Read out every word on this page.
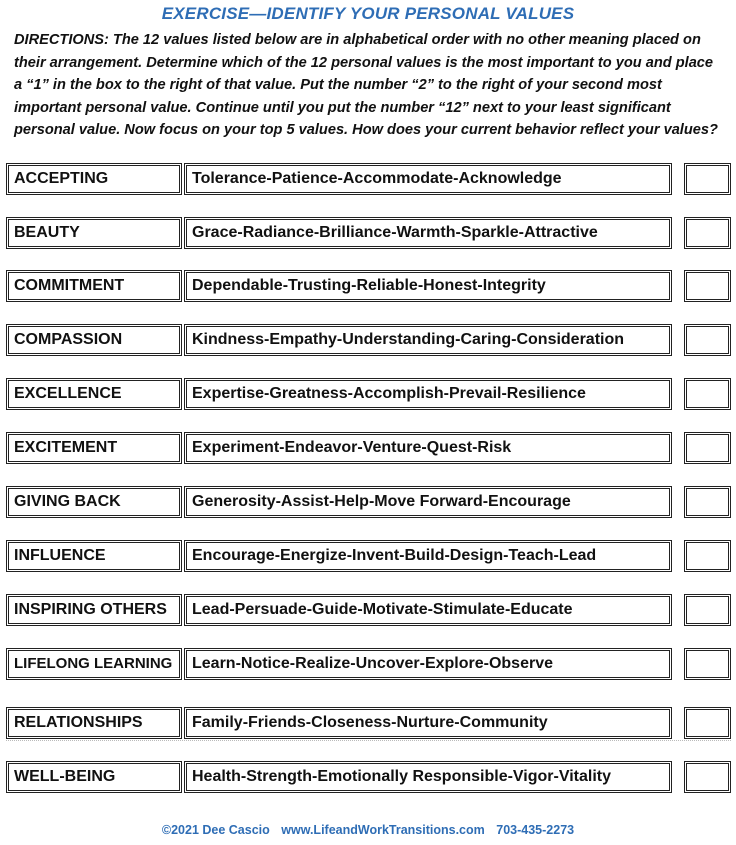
EXERCISE—IDENTIFY YOUR PERSONAL VALUES
DIRECTIONS: The 12 values listed below are in alphabetical order with no other meaning placed on their arrangement. Determine which of the 12 personal values is the most important to you and place a “1” in the box to the right of that value. Put the number “2” to the right of your second most important personal value. Continue until you put the number “12” next to your least significant personal value. Now focus on your top 5 values. How does your current behavior reflect your values?
ACCEPTING	Tolerance-Patience-Accommodate-Acknowledge
BEAUTY	Grace-Radiance-Brilliance-Warmth-Sparkle-Attractive
COMMITMENT	Dependable-Trusting-Reliable-Honest-Integrity
COMPASSION	Kindness-Empathy-Understanding-Caring-Consideration
EXCELLENCE	Expertise-Greatness-Accomplish-Prevail-Resilience
EXCITEMENT	Experiment-Endeavor-Venture-Quest-Risk
GIVING BACK	Generosity-Assist-Help-Move Forward-Encourage
INFLUENCE	Encourage-Energize-Invent-Build-Design-Teach-Lead
INSPIRING OTHERS Lead-Persuade-Guide-Motivate-Stimulate-Educate
LIFELONG LEARNING Learn-Notice-Realize-Uncover-Explore-Observe
RELATIONSHIPS	Family-Friends-Closeness-Nurture-Community
WELL-BEING	Health-Strength-Emotionally Responsible-Vigor-Vitality
©2021 Dee Cascio www.LifeandWorkTransitions.com 703-435-2273
